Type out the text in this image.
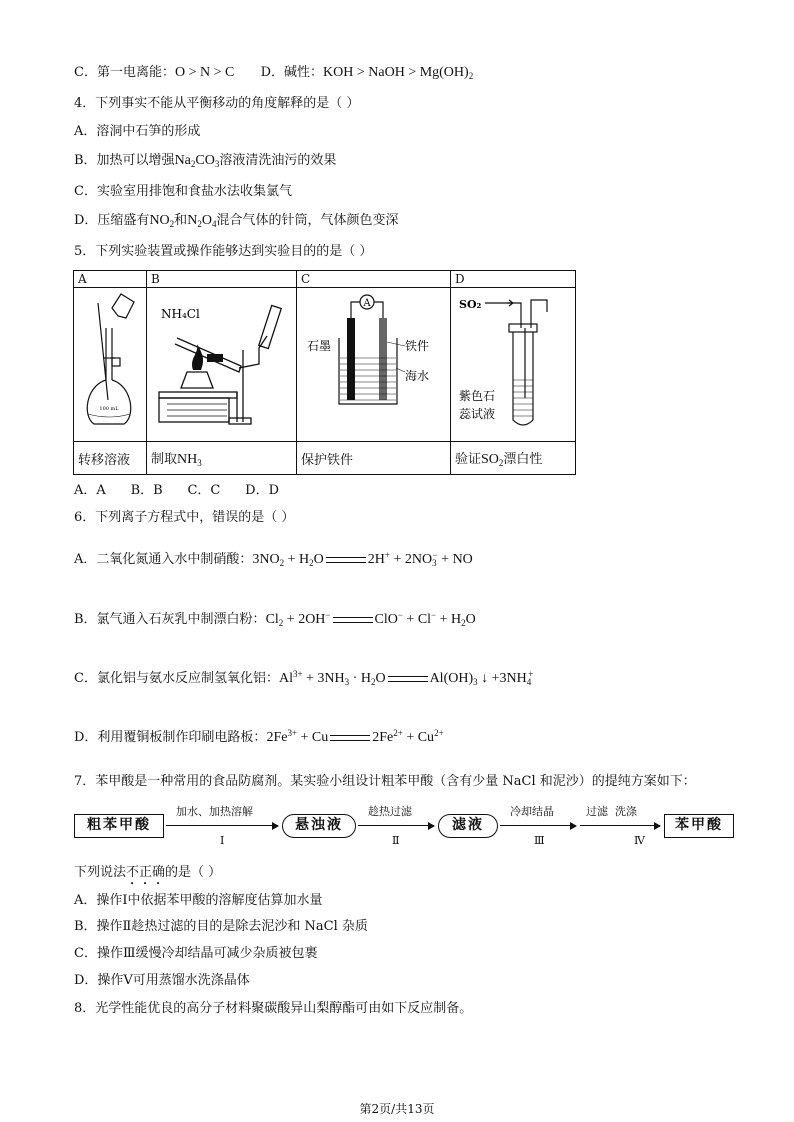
C．第一电离能：O > N > C D．碱性：KOH > NaOH > $Mg(OH)_2$
4．下列事实不能从平衡移动的角度解释的是（ ）
A．溶洞中石笋的形成
B．加热可以增强$Na_2CO_3$溶液清洗油污的效果
C．实验室用排饱和食盐水法收集氯气
D．压缩盛有$NO_2$和$N_2O_4$混合气体的针筒，气体颜色变深
5．下列实验装置或操作能够达到实验目的的是（ ）
A	B	C	D

100 mL	NH₄Cl	A
石墨 铁件
海水	SO₂
紫色石
蕊试液

转移溶液	制取$NH_3$	保护铁件	验证$SO_2$漂白性
A．A      B．B      C．C      D．D
6．下列离子方程式中，错误的是（ ）
A．二氧化氮通入水中制硝酸：$3NO_2 + H_2O$	$2H^+ + 2NO_3^-$ + NO
B．氯气通入石灰乳中制漂白粉：$Cl_2 + 2OH^-$	$ClO^- + Cl^- + H_2O$
C．氯化铝与氨水反应制氢氧化铝：$Al^{3+} + 3NH_3 \cdot H_2O$	$Al(OH)_3$ ↓ $+3NH_4^+$
D．利用覆铜板制作印刷电路板：$2Fe^{3+} + Cu$	$2Fe^{2+} + Cu^{2+}$
7．苯甲酸是一种常用的食品防腐剂。某实验小组设计粗苯甲酸（含有少量 NaCl 和泥沙）的提纯方案如下：
粗苯甲酸
加水、加热溶解
Ⅰ
悬浊液
趁热过滤
Ⅱ
滤液
冷却结晶
Ⅲ
过滤  洗涤
Ⅳ
苯甲酸
下列说法不正确的是（ ）
A．操作Ⅰ中依据苯甲酸的溶解度估算加水量
B．操作Ⅱ趁热过滤的目的是除去泥沙和 NaCl 杂质
C．操作Ⅲ缓慢冷却结晶可减少杂质被包裹
D．操作Ⅴ可用蒸馏水洗涤晶体
8．光学性能优良的高分子材料聚碳酸异山梨醇酯可由如下反应制备。
第2页/共13页
